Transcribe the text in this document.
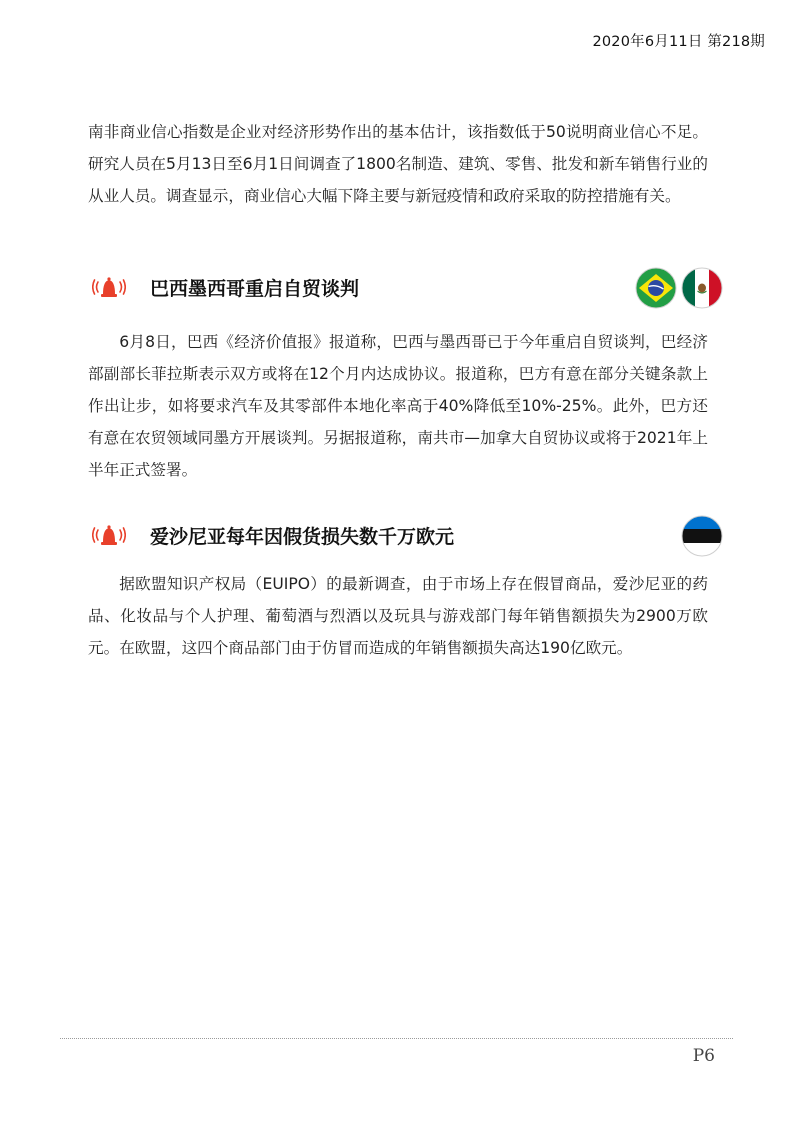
2020年6月11日 第218期

南非商业信心指数是企业对经济形势作出的基本估计，该指数低于50说明商业信心不足。研究人员在5月13日至6月1日间调查了1800名制造、建筑、零售、批发和新车销售行业的从业人员。调查显示，商业信心大幅下降主要与新冠疫情和政府采取的防控措施有关。

巴西墨西哥重启自贸谈判

6月8日，巴西《经济价值报》报道称，巴西与墨西哥已于今年重启自贸谈判，巴经济部副部长菲拉斯表示双方或将在12个月内达成协议。报道称，巴方有意在部分关键条款上作出让步，如将要求汽车及其零部件本地化率高于40%降低至10%-25%。此外，巴方还有意在农贸领域同墨方开展谈判。另据报道称，南共市—加拿大自贸协议或将于2021年上半年正式签署。

爱沙尼亚每年因假货损失数千万欧元

据欧盟知识产权局（EUIPO）的最新调查，由于市场上存在假冒商品，爱沙尼亚的药品、化妆品与个人护理、葡萄酒与烈酒以及玩具与游戏部门每年销售额损失为2900万欧元。在欧盟，这四个商品部门由于仿冒而造成的年销售额损失高达190亿欧元。

P6
